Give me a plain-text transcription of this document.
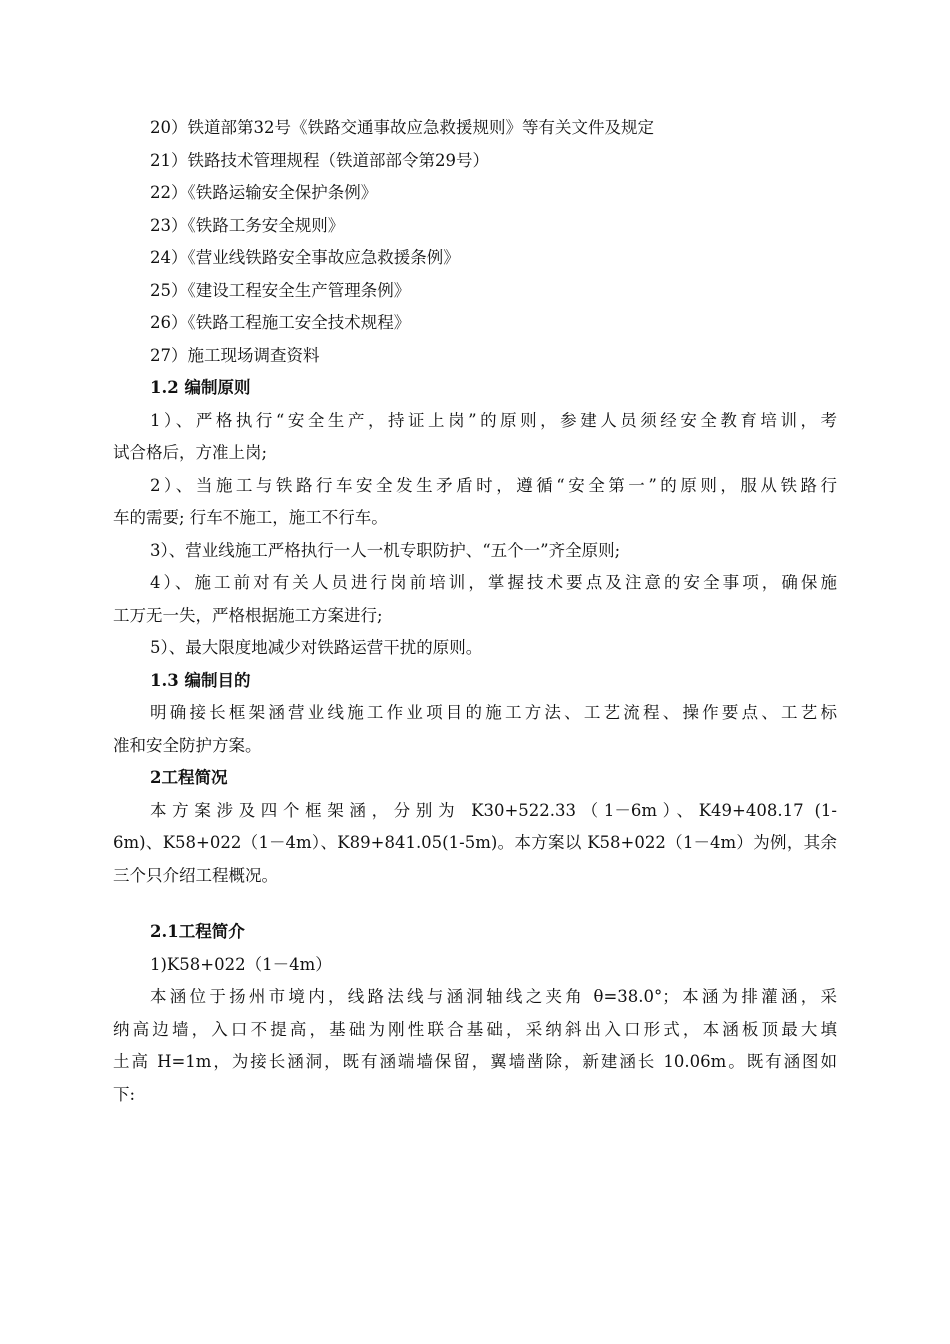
20）铁道部第32号《铁路交通事故应急救援规则》等有关文件及规定
21）铁路技术管理规程（铁道部部令第29号）
22）《铁路运输安全保护条例》
23）《铁路工务安全规则》
24）《营业线铁路安全事故应急救援条例》
25）《建设工程安全生产管理条例》
26）《铁路工程施工安全技术规程》
27）施工现场调查资料
1.2 编制原则
1）、严格执行“安全生产，持证上岗”的原则，参建人员须经安全教育培训，考
试合格后，方准上岗;
2）、当施工与铁路行车安全发生矛盾时，遵循“安全第一”的原则，服从铁路行
车的需要; 行车不施工，施工不行车。
3）、营业线施工严格执行一人一机专职防护、“五个一”齐全原则;
4）、施工前对有关人员进行岗前培训，掌握技术要点及注意的安全事项，确保施
工万无一失，严格根据施工方案进行;
5）、最大限度地减少对铁路运营干扰的原则。
1.3 编制目的
明确接长框架涵营业线施工作业项目的施工方法、工艺流程、操作要点、工艺标
准和安全防护方案。
2工程简况
本方案涉及四个框架涵，分别为 K30+522.33（1－6m）、K49+408.17 (1-
6m)、K58+022（1－4m）、K89+841.05(1-5m)。本方案以 K58+022（1－4m）为例，其余
三个只介绍工程概况。
2.1工程简介
1)K58+022（1－4m）
本涵位于扬州市境内，线路法线与涵洞轴线之夹角 θ=38.0°；本涵为排灌涵，采
纳高边墙，入口不提高，基础为刚性联合基础，采纳斜出入口形式，本涵板顶最大填
土高 H=1m，为接长涵洞，既有涵端墙保留，翼墙凿除，新建涵长 10.06m。既有涵图如
下:
